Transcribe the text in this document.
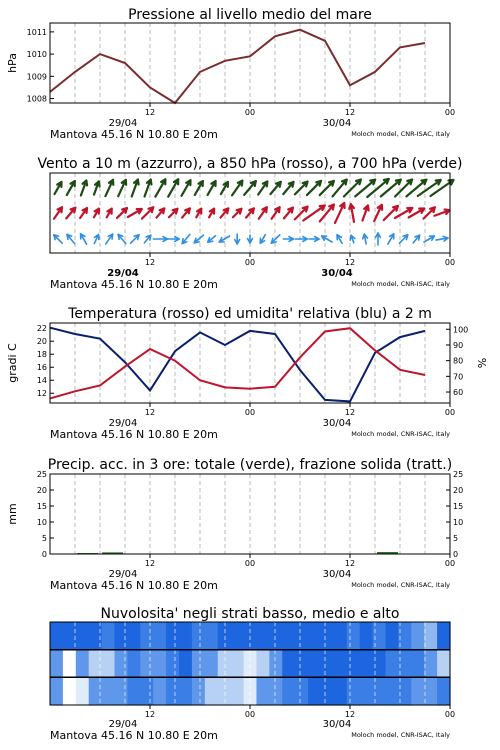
Pressione al livello medio del mare
hPa
1008
1009
1010
1011
12	00	12	00
29/04	30/04
Mantova 45.16 N 10.80 E 20m	Moloch model, CNR-ISAC, Italy
Vento a 10 m (azzurro), a 850 hPa (rosso), a 700 hPa (verde)
12	00	12	00
29/04	30/04
Mantova 45.16 N 10.80 E 20m	Moloch model, CNR-ISAC, Italy
Temperatura (rosso) ed umidita' relativa (blu) a 2 m
gradi C	%
12
14
16
18
20
22
60
70
80
90
100
12	00	12	00
29/04	30/04
Mantova 45.16 N 10.80 E 20m	Moloch model, CNR-ISAC, Italy
Precip. acc. in 3 ore: totale (verde), frazione solida (tratt.)
mm
0
5
10
15
20
25
0
5
10
15
20
25
12	00	12	00
29/04	30/04
Mantova 45.16 N 10.80 E 20m	Moloch model, CNR-ISAC, Italy
Nuvolosita' negli strati basso, medio e alto
12	00	12	00
29/04	30/04
Mantova 45.16 N 10.80 E 20m	Moloch model, CNR-ISAC, Italy
